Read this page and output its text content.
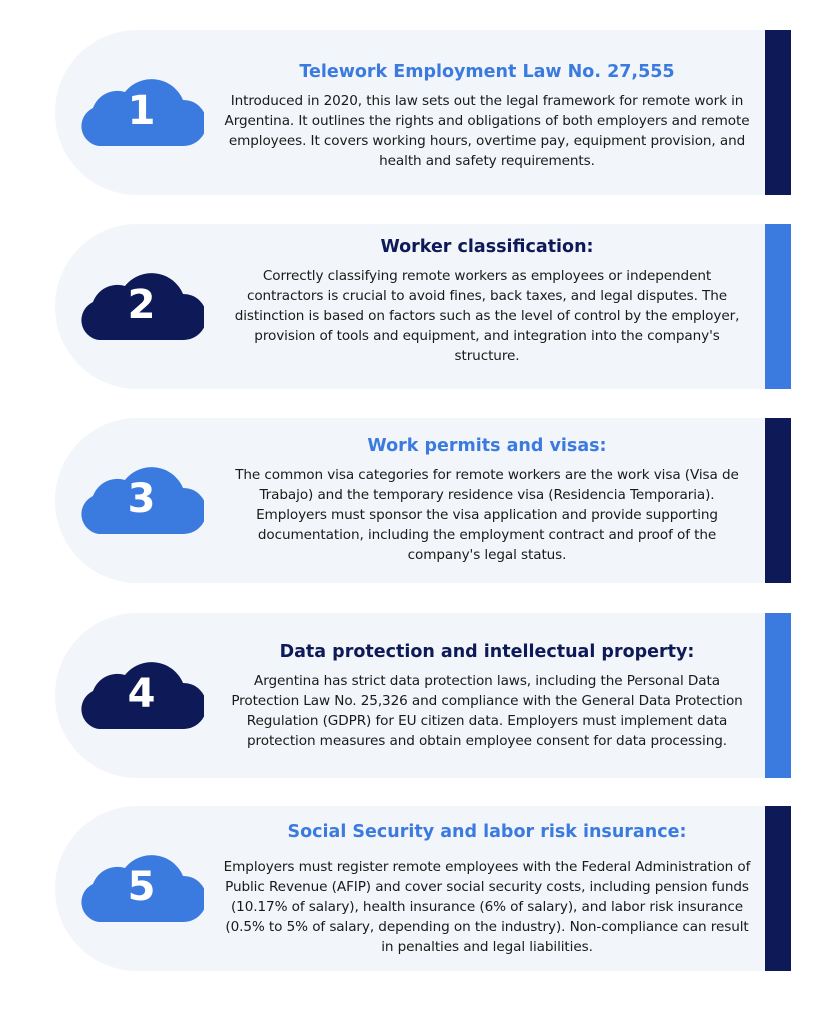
1
Telework Employment Law No. 27,555

Introduced in 2020, this law sets out the legal framework for remote work in Argentina. It outlines the rights and obligations of both employers and remote employees. It covers working hours, overtime pay, equipment provision, and health and safety requirements.

2
Worker classification:

Correctly classifying remote workers as employees or independent contractors is crucial to avoid fines, back taxes, and legal disputes. The distinction is based on factors such as the level of control by the employer, provision of tools and equipment, and integration into the company's structure.

3
Work permits and visas:

The common visa categories for remote workers are the work visa (Visa de Trabajo) and the temporary residence visa (Residencia Temporaria). Employers must sponsor the visa application and provide supporting documentation, including the employment contract and proof of the company's legal status.

4
Data protection and intellectual property:

Argentina has strict data protection laws, including the Personal Data Protection Law No. 25,326 and compliance with the General Data Protection Regulation (GDPR) for EU citizen data. Employers must implement data protection measures and obtain employee consent for data processing.

5
Social Security and labor risk insurance:

Employers must register remote employees with the Federal Administration of Public Revenue (AFIP) and cover social security costs, including pension funds (10.17% of salary), health insurance (6% of salary), and labor risk insurance (0.5% to 5% of salary, depending on the industry). Non-compliance can result in penalties and legal liabilities.
